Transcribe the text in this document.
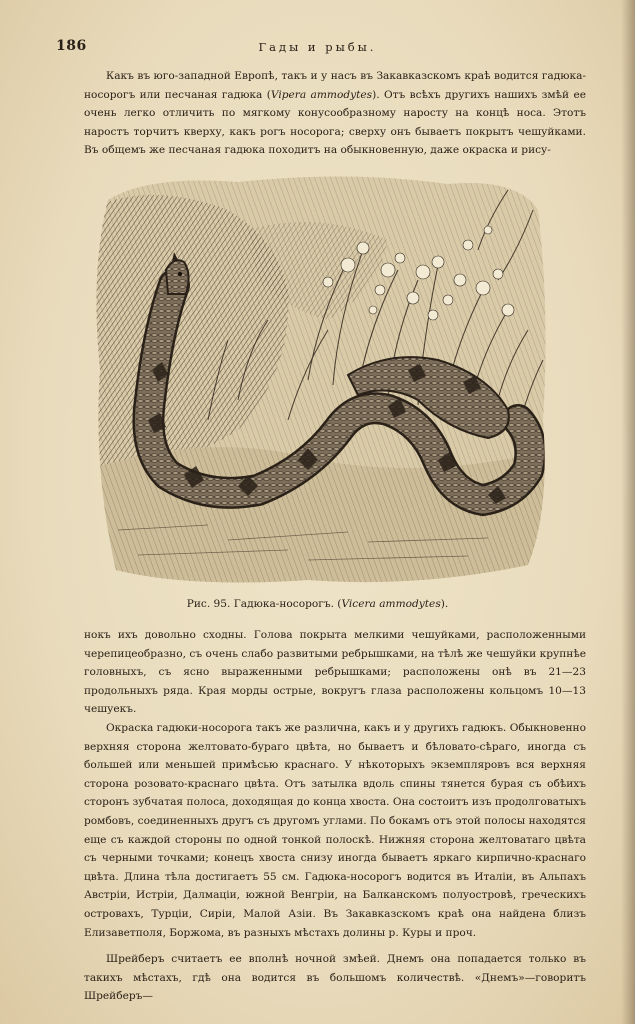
186	Гады и рыбы.

Какъ въ юго-западной Европѣ, такъ и у насъ въ Закавказскомъ краѣ водится гадюка-носорогъ или песчаная гадюка (Vipera ammodytes). Отъ всѣхъ другихъ нашихъ змѣй ее очень легко отличить по мягкому конусообразному наросту на концѣ носа. Этотъ наростъ торчитъ кверху, какъ рогъ носорога; сверху онъ бываетъ покрытъ чешуйками. Въ общемъ же песчаная гадюка походитъ на обыкновенную, даже окраска и рису-

Рис. 95. Гадюка-носорогъ. (Vicera ammodytes).

нокъ ихъ довольно сходны. Голова покрыта мелкими чешуйками, расположенными черепицеобразно, съ очень слабо развитыми ребрышками, на тѣлѣ же чешуйки крупнѣе головныхъ, съ ясно выраженными ребрышками; расположены онѣ въ 21—23 продольныхъ ряда. Края морды острые, вокругъ глаза расположены кольцомъ 10—13 чешуекъ.

Окраска гадюки-носорога такъ же различна, какъ и у другихъ гадюкъ. Обыкновенно верхняя сторона желтовато-бураго цвѣта, но бываетъ и бѣловато-сѣраго, иногда съ большей или меньшей примѣсью краснаго. У нѣкоторыхъ экземпляровъ вся верхняя сторона розовато-краснаго цвѣта. Отъ затылка вдоль спины тянется бурая съ обѣихъ сторонъ зубчатая полоса, доходящая до конца хвоста. Она состоитъ изъ продолговатыхъ ромбовъ, соединенныхъ другъ съ другомъ углами. По бокамъ отъ этой полосы находятся еще съ каждой стороны по одной тонкой полоскѣ. Нижняя сторона желтоватаго цвѣта съ черными точками; конецъ хвоста снизу иногда бываетъ яркаго кирпично-краснаго цвѣта. Длина тѣла достигаетъ 55 см. Гадюка-носорогъ водится въ Италіи, въ Альпахъ Австріи, Истріи, Далмаціи, южной Венгріи, на Балканскомъ полуостровѣ, греческихъ островахъ, Турціи, Сиріи, Малой Азіи. Въ Закавказскомъ краѣ она найдена близъ Елизаветполя, Боржома, въ разныхъ мѣстахъ долины р. Куры и проч.

Шрейберъ считаетъ ее вполнѣ ночной змѣей. Днемъ она попадается только въ такихъ мѣстахъ, гдѣ она водится въ большомъ количествѣ. «Днемъ»—говоритъ Шрейберъ—
